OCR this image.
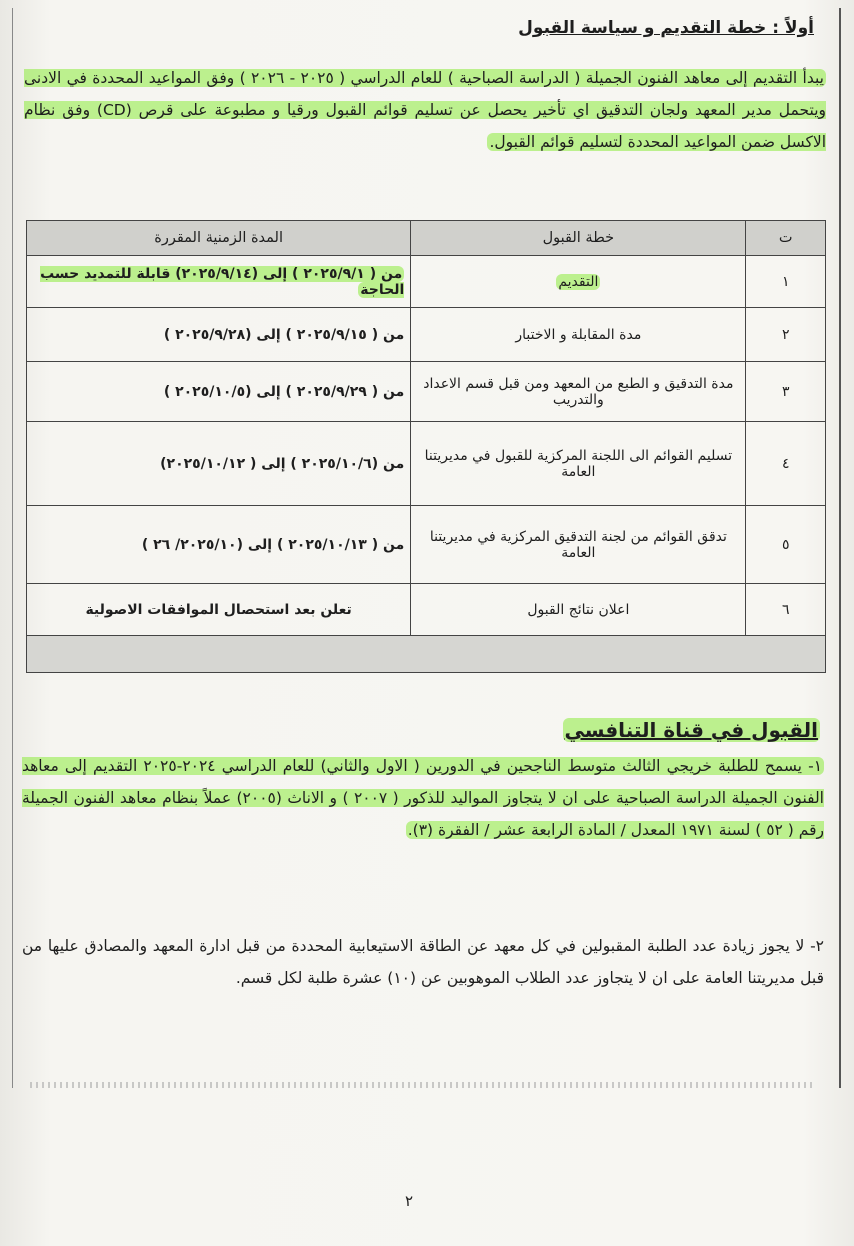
أولاً : خطة التقديم و سياسة القبول
يبدأ التقديم إلى معاهد الفنون الجميلة ( الدراسة الصباحية ) للعام الدراسي ( ٢٠٢٥ - ٢٠٢٦ ) وفق المواعيد المحددة في الادنى ويتحمل مدير المعهد ولجان التدقيق اي تأخير يحصل عن تسليم قوائم القبول ورقيا و مطبوعة على قرص (CD) وفق نظام الاكسل ضمن المواعيد المحددة لتسليم قوائم القبول.
ت	خطة القبول	المدة الزمنية المقررة
١	التقديم	من ( ٢٠٢٥/٩/١ ) إلى (٢٠٢٥/٩/١٤) قابلة للتمديد حسب الحاجة
٢	مدة المقابلة و الاختبار	من ( ٢٠٢٥/٩/١٥ ) إلى (٢٠٢٥/٩/٢٨ )
٣	مدة التدقيق و الطبع من المعهد ومن قبل قسم الاعداد والتدريب	من ( ٢٠٢٥/٩/٢٩ ) إلى (٢٠٢٥/١٠/٥ )
٤	تسليم القوائم الى اللجنة المركزية للقبول في مديريتنا العامة	من (٢٠٢٥/١٠/٦ ) إلى ( ٢٠٢٥/١٠/١٢)
٥	تدقق القوائم من لجنة التدقيق المركزية في مديريتنا العامة	من ( ٢٠٢٥/١٠/١٣ ) إلى (٢٠٢٥/١٠/ ٢٦ )
٦	اعلان نتائج القبول	تعلن بعد استحصال الموافقات الاصولية

القبول في قناة التنافسي
١- يسمح للطلبة خريجي الثالث متوسط الناجحين في الدورين ( الاول والثاني) للعام الدراسي ٢٠٢٤-٢٠٢٥ التقديم إلى معاهد الفنون الجميلة الدراسة الصباحية على ان لا يتجاوز المواليد للذكور ( ٢٠٠٧ ) و الاناث (٢٠٠٥) عملاً بنظام معاهد الفنون الجميلة رقم ( ٥٢ ) لسنة ١٩٧١ المعدل / المادة الرابعة عشر / الفقرة (٣).
٢- لا يجوز زيادة عدد الطلبة المقبولين في كل معهد عن الطاقة الاستيعابية المحددة من قبل ادارة المعهد والمصادق عليها من قبل مديريتنا العامة على ان لا يتجاوز عدد الطلاب الموهوبين عن (١٠) عشرة طلبة لكل قسم.
٢
